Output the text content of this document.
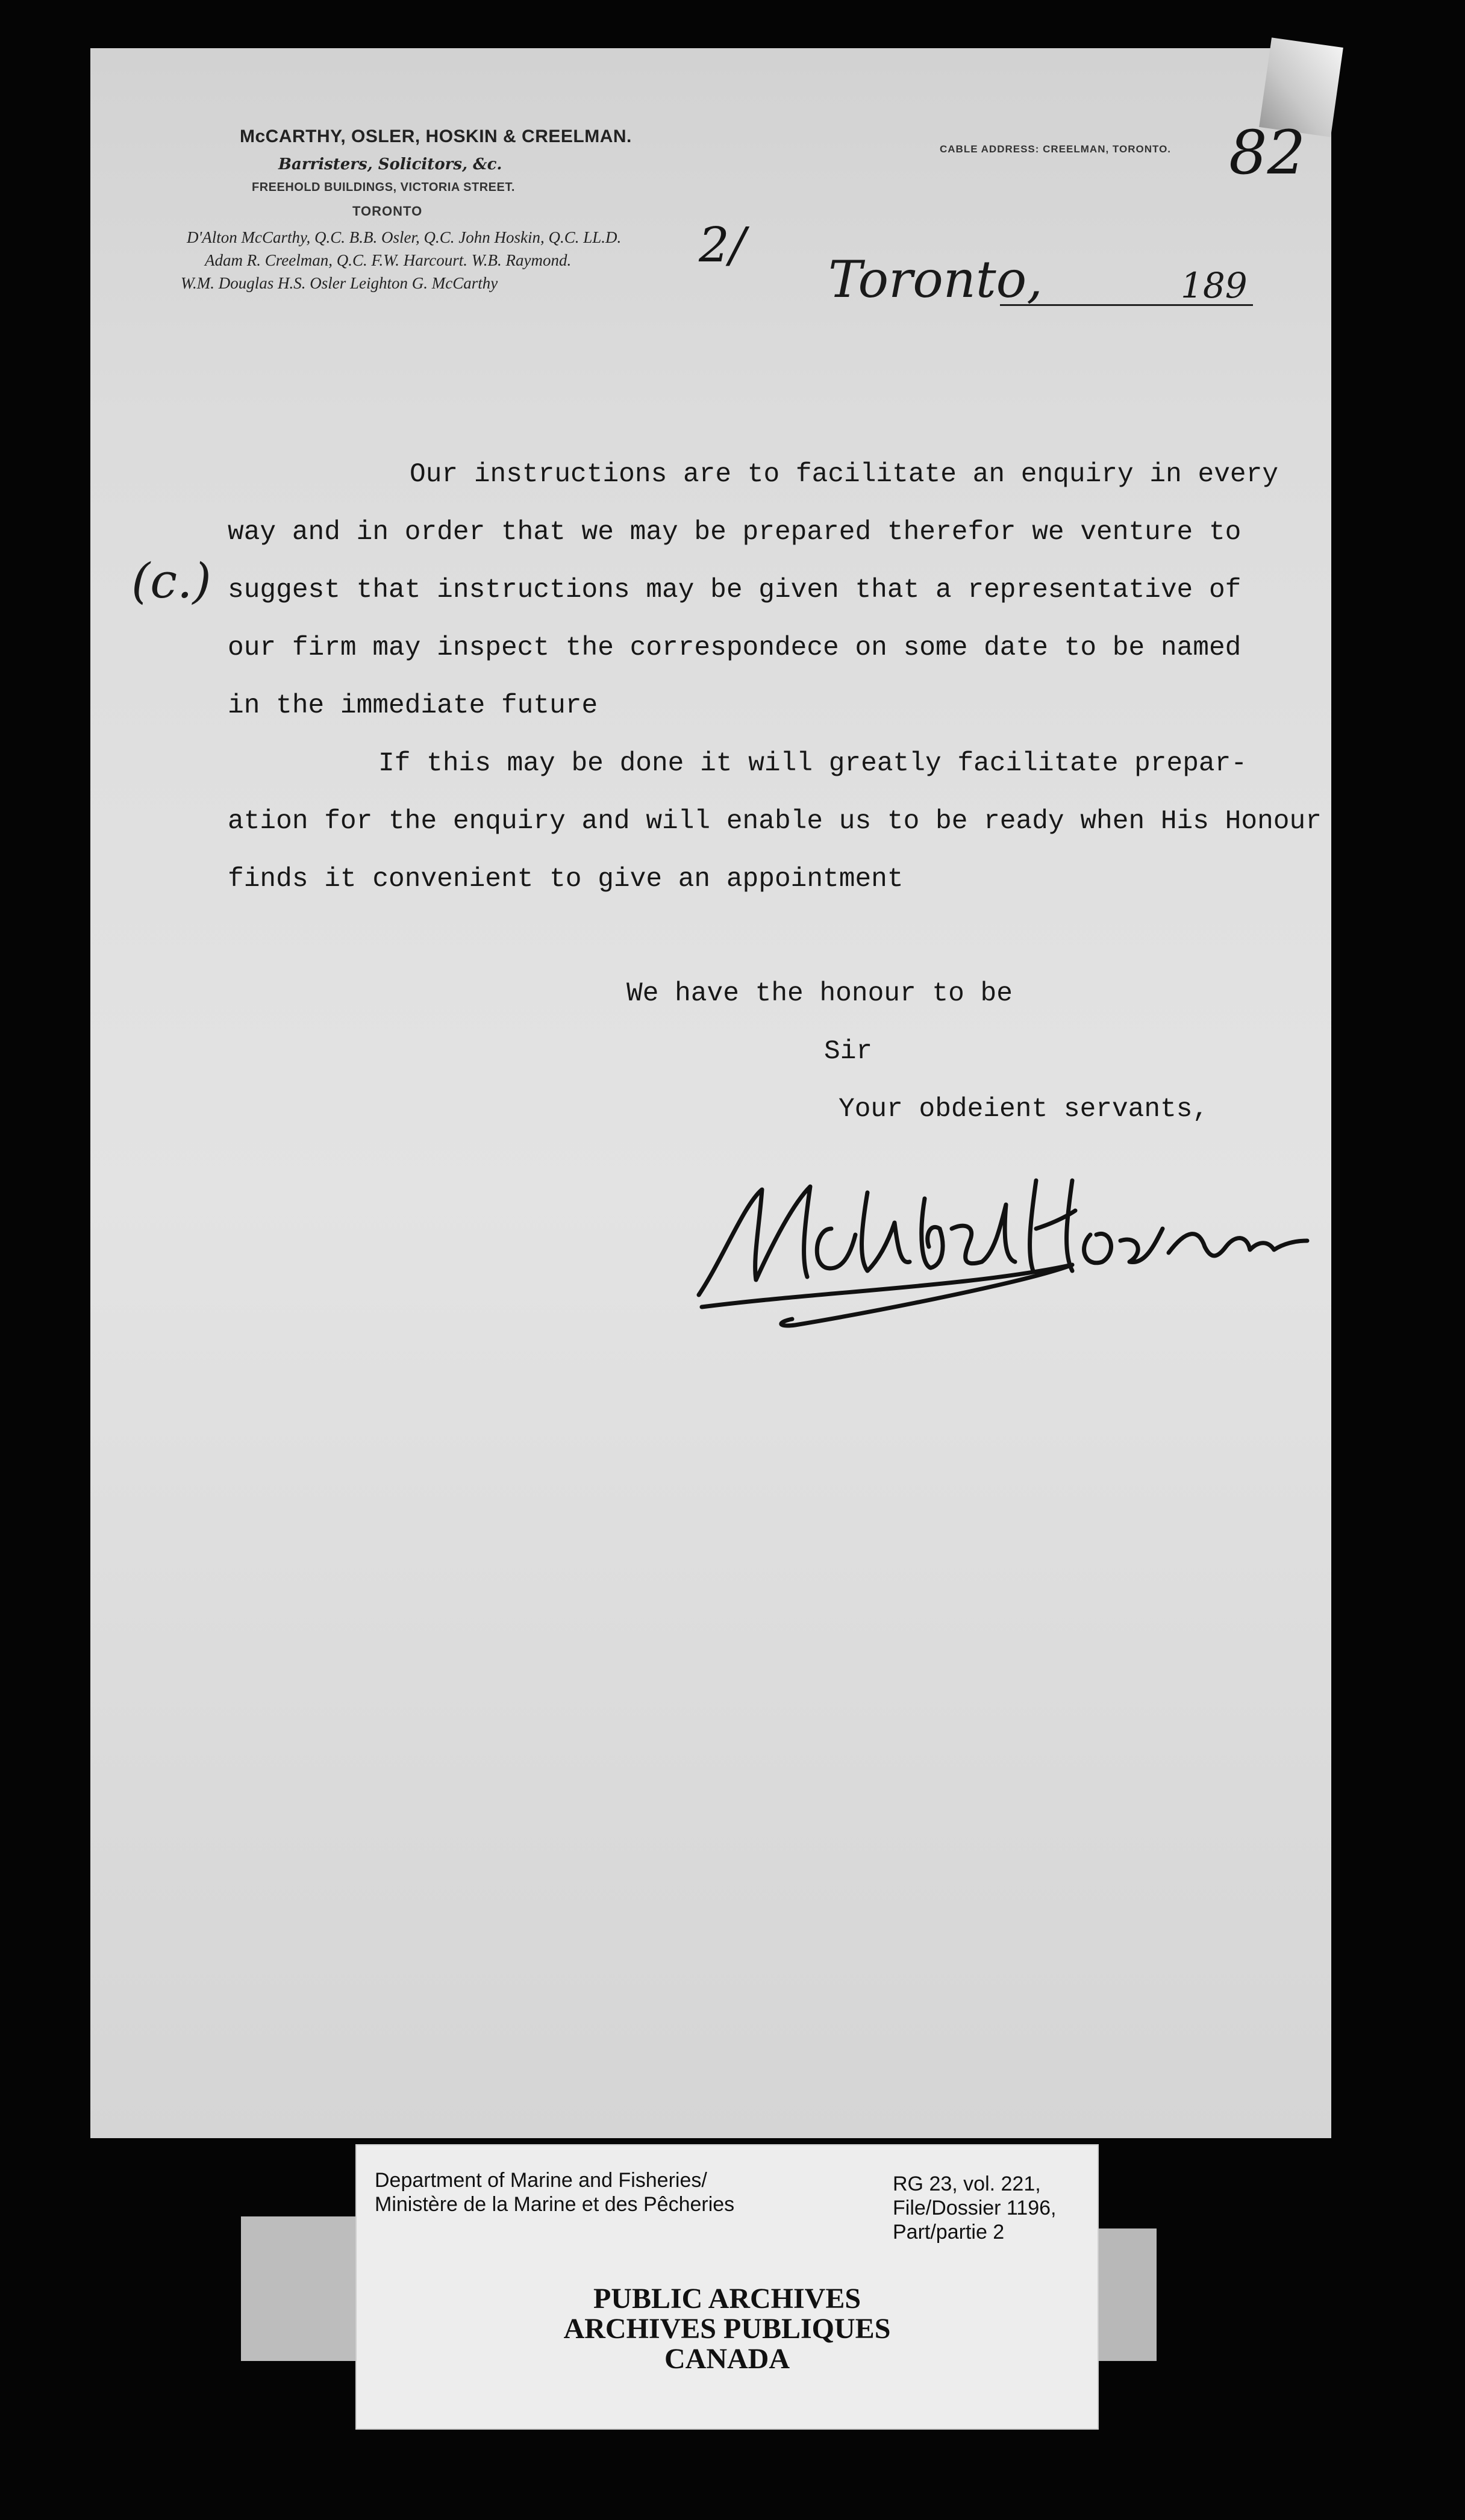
McCARTHY, OSLER, HOSKIN & CREELMAN.
Barristers, Solicitors, &c.
FREEHOLD BUILDINGS, VICTORIA STREET.
TORONTO
D'Alton McCarthy, Q.C. B.B. Osler, Q.C. John Hoskin, Q.C. LL.D.
Adam R. Creelman, Q.C. F.W. Harcourt. W.B. Raymond.
W.M. Douglas H.S. Osler Leighton G. McCarthy
CABLE ADDRESS: CREELMAN, TORONTO. 82
2/
Toronto,	189
(c.)
Our instructions are to facilitate an enquiry in every
way and in order that we may be prepared therefor we venture to
suggest that instructions may be given that a representative of
our firm may inspect the correspondece on some date to be named
in the immediate future
If this may be done it will greatly facilitate prepar-
ation for the enquiry and will enable us to be ready when His Honour
finds it convenient to give an appointment
We have the honour to be
Sir
Your obdeient servants,
Department of Marine and Fisheries/
Ministère de la Marine et des Pêcheries
RG 23, vol. 221,
File/Dossier 1196,
Part/partie 2
PUBLIC ARCHIVES
ARCHIVES PUBLIQUES
CANADA
